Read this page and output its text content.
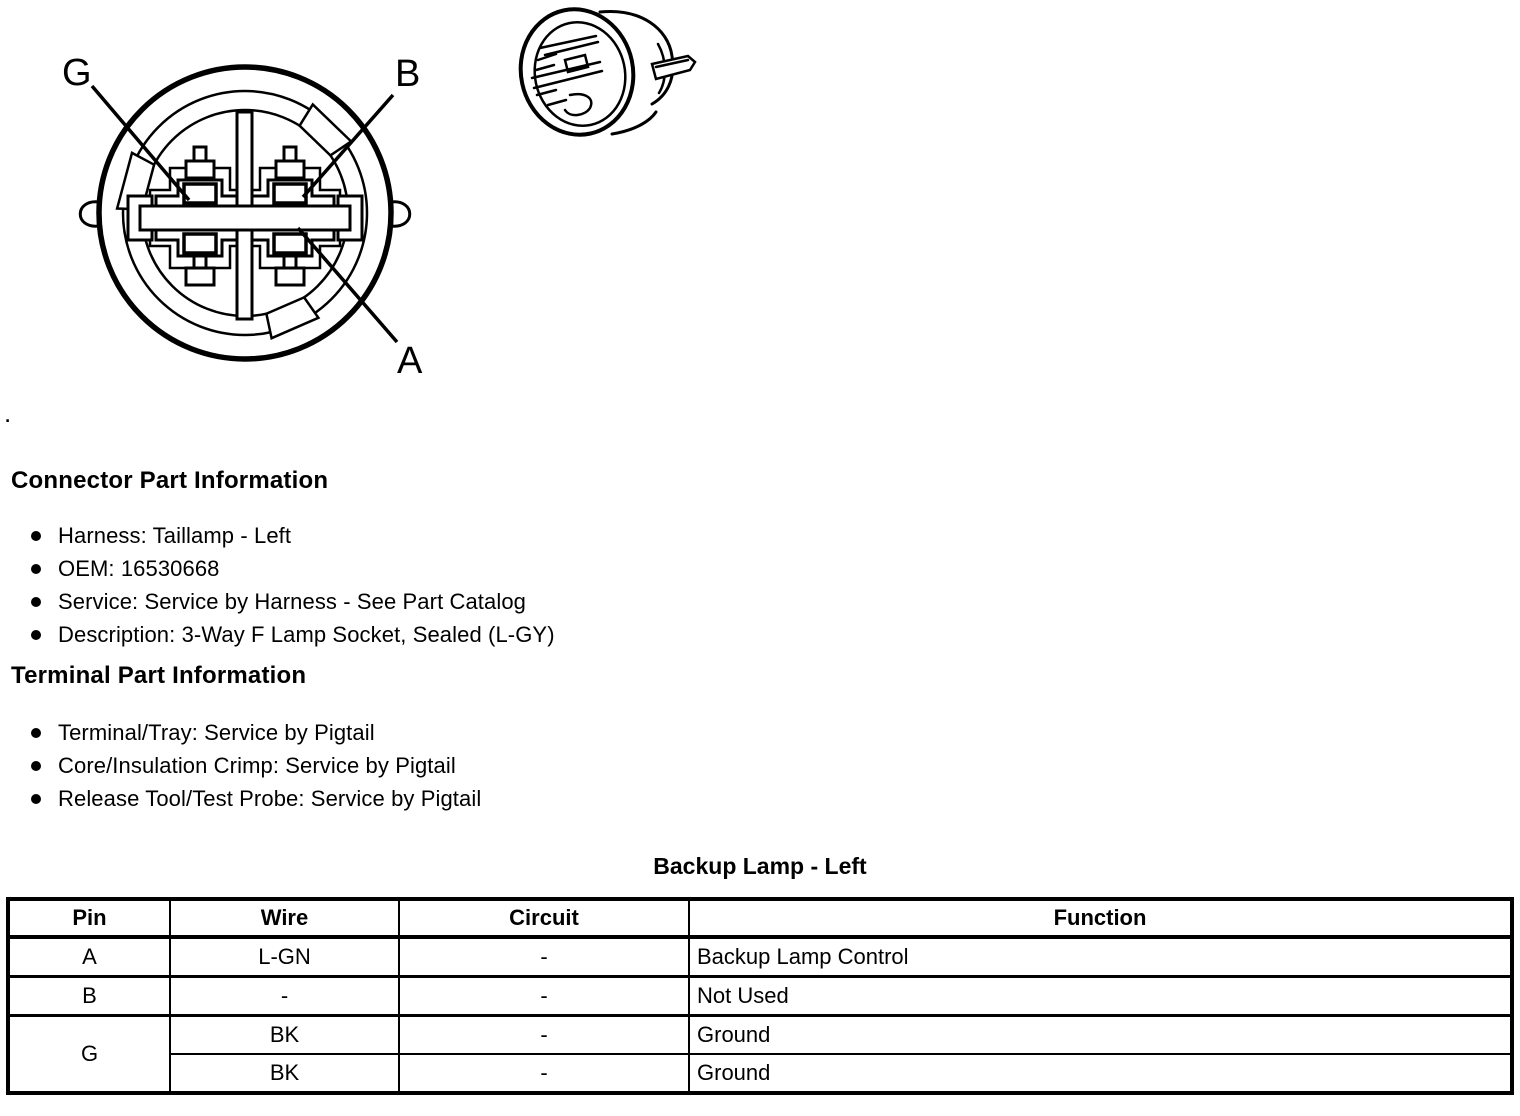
G	B
A
.
Connector Part Information
Harness: Taillamp - Left
OEM: 16530668
Service: Service by Harness - See Part Catalog
Description: 3-Way F Lamp Socket, Sealed (L-GY)
Terminal Part Information
Terminal/Tray: Service by Pigtail
Core/Insulation Crimp: Service by Pigtail
Release Tool/Test Probe: Service by Pigtail
Backup Lamp - Left
Pin	Wire	Circuit	Function
A	L-GN	-	Backup Lamp Control
B	-	-	Not Used
G	BK	-	Ground
	BK	-	Ground
